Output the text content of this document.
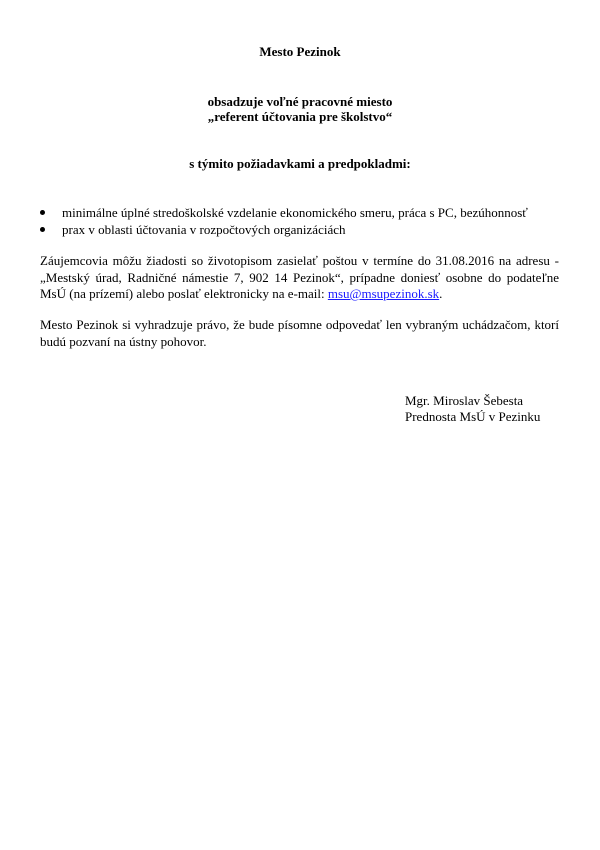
Mesto Pezinok
obsadzuje voľné pracovné miesto
„referent účtovania pre školstvo“
s týmito požiadavkami a predpokladmi:
minimálne úplné stredoškolské vzdelanie ekonomického smeru, práca s PC, bezúhonnosť
prax v oblasti účtovania v rozpočtových organizáciách

Záujemcovia môžu žiadosti so životopisom zasielať poštou v termíne do 31.08.2016 na adresu - „Mestský úrad, Radničné námestie 7, 902 14 Pezinok“, prípadne doniesť osobne do podateľne MsÚ (na prízemí) alebo poslať elektronicky na e-mail: msu@msupezinok.sk.

Mesto Pezinok si vyhradzuje právo, že bude písomne odpovedať len vybraným uchádzačom, ktorí budú pozvaní na ústny pohovor.

Mgr. Miroslav Šebesta
Prednosta MsÚ v Pezinku
